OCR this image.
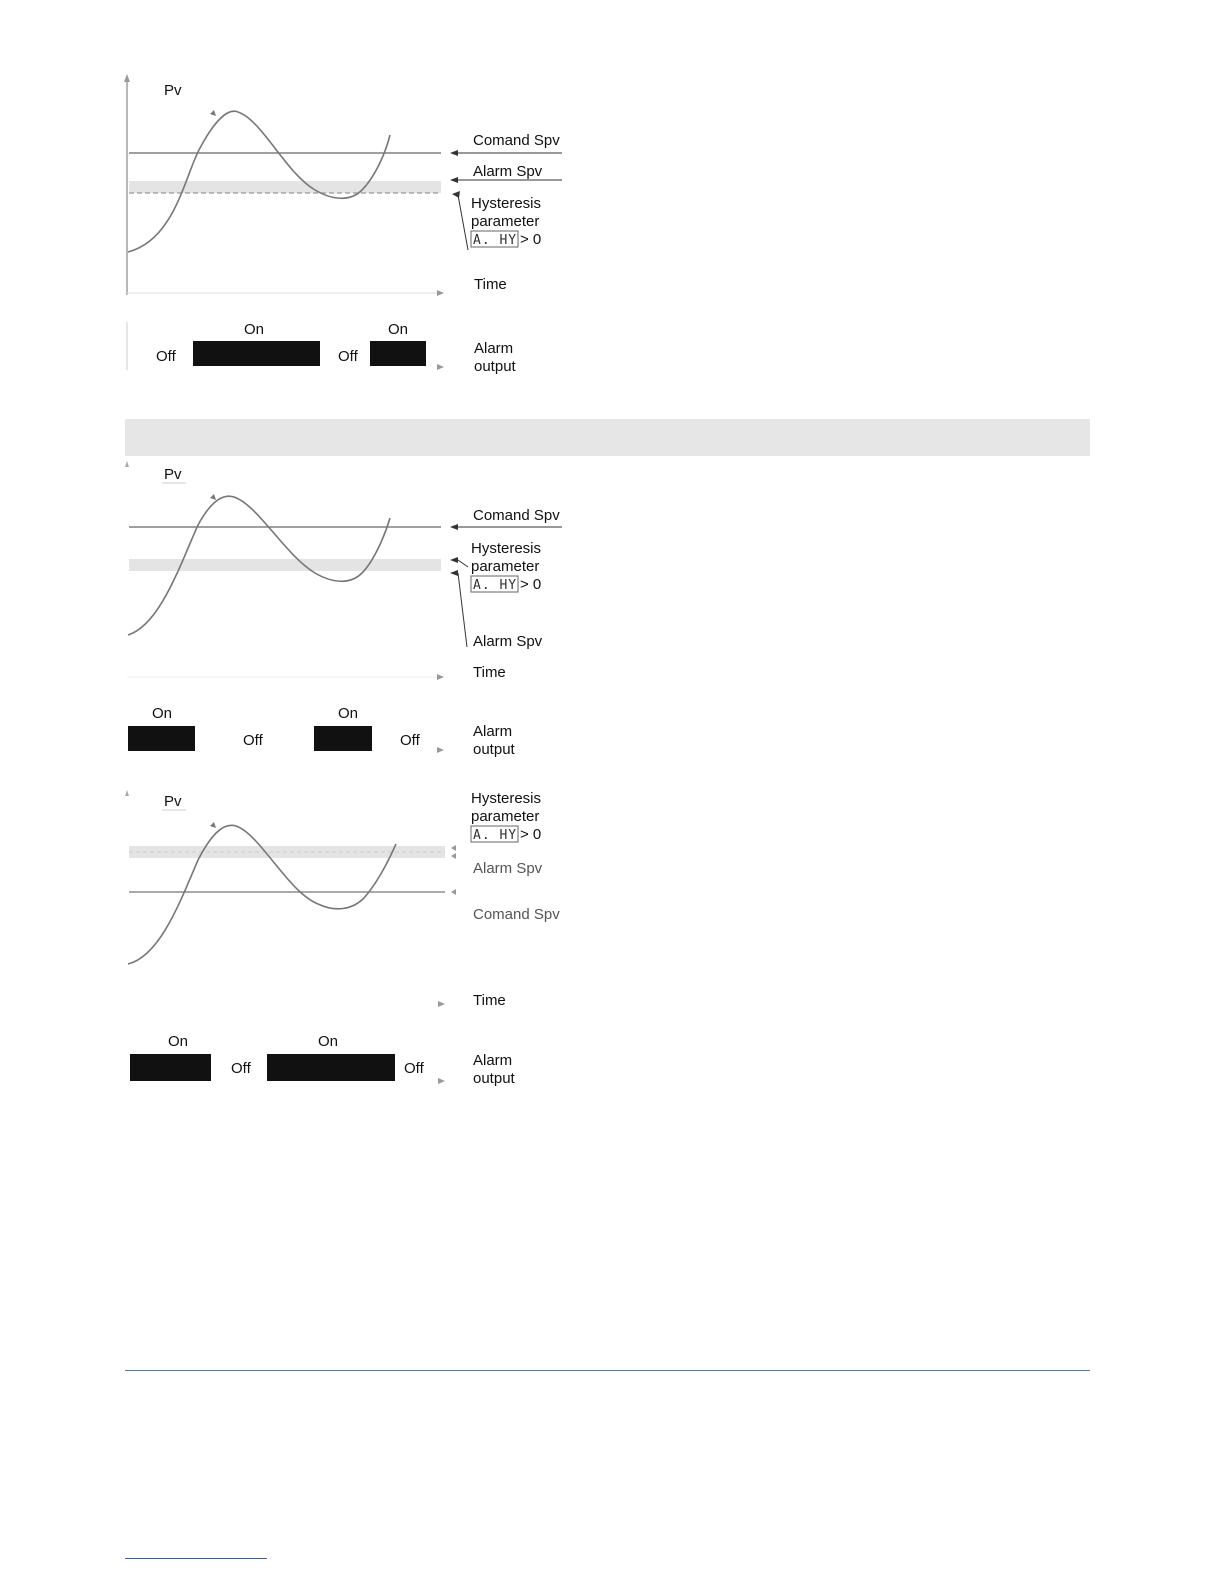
Pv
Comand Spv
Alarm Spv
Hysteresis
parameter
A. HY > 0
Time
Off
On
Off
On
Alarm
output
Pv
Comand Spv
Hysteresis
parameter
A. HY > 0
Alarm Spv
Time
On
Off
On
Off
Alarm
output
Pv	Hysteresis
parameter
A. HY > 0
Alarm Spv
Comand Spv
Time
On
Off
On
Off	Alarm
output
